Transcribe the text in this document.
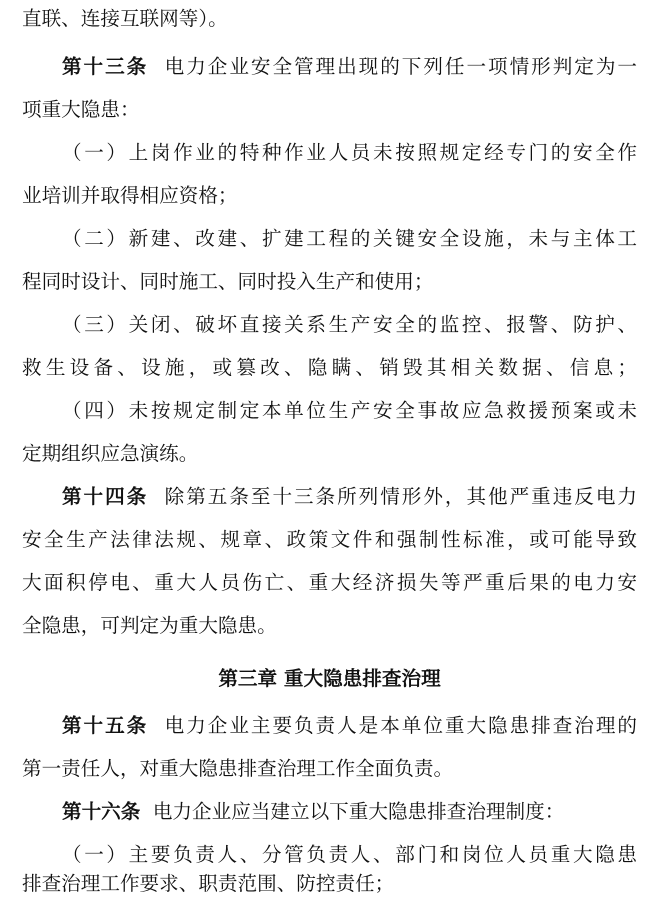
直联、连接互联网等）。
第十三条 电力企业安全管理出现的下列任一项情形判定为一
项重大隐患：
（一）上岗作业的特种作业人员未按照规定经专门的安全作
业培训并取得相应资格；
（二）新建、改建、扩建工程的关键安全设施，未与主体工
程同时设计、同时施工、同时投入生产和使用；
（三）关闭、破坏直接关系生产安全的监控、报警、防护、
救生设备、设施，或篡改、隐瞒、销毁其相关数据、信息；
（四）未按规定制定本单位生产安全事故应急救援预案或未
定期组织应急演练。
第十四条 除第五条至十三条所列情形外，其他严重违反电力
安全生产法律法规、规章、政策文件和强制性标准，或可能导致
大面积停电、重大人员伤亡、重大经济损失等严重后果的电力安
全隐患，可判定为重大隐患。
第三章 重大隐患排查治理
第十五条 电力企业主要负责人是本单位重大隐患排查治理的
第一责任人，对重大隐患排查治理工作全面负责。
第十六条 电力企业应当建立以下重大隐患排查治理制度：
（一）主要负责人、分管负责人、部门和岗位人员重大隐患
排查治理工作要求、职责范围、防控责任；
